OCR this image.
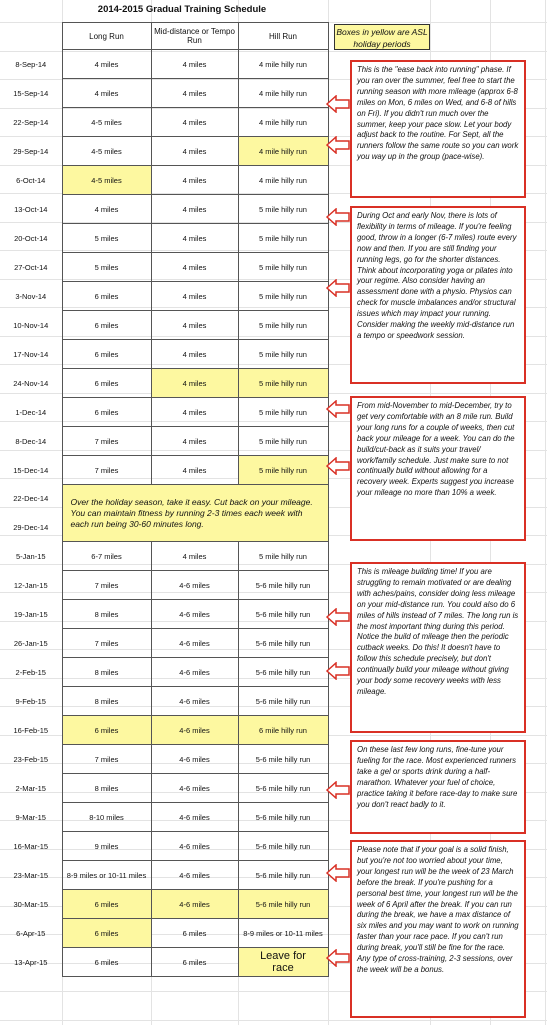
2014-2015 Gradual Training Schedule
Boxes in yellow are ASL holiday periods
	Long Run	Mid-distance or Tempo Run	Hill Run
8-Sep-14	4 miles	4 miles	4 mile hilly run
15-Sep-14	4 miles	4 miles	4 mile hilly run
22-Sep-14	4-5 miles	4 miles	4 mile hilly run
29-Sep-14	4-5 miles	4 miles	4 mile hilly run
6-Oct-14	4-5 miles	4 miles	4 mile hilly run
13-Oct-14	4 miles	4 miles	5 mile hilly run
20-Oct-14	5 miles	4 miles	5 mile hilly run
27-Oct-14	5 miles	4 miles	5 mile hilly run
3-Nov-14	6 miles	4 miles	5 mile hilly run
10-Nov-14	6 miles	4 miles	5 mile hilly run
17-Nov-14	6 miles	4 miles	5 mile hilly run
24-Nov-14	6 miles	4 miles	5 mile hilly run
1-Dec-14	6 miles	4 miles	5 mile hilly run
8-Dec-14	7 miles	4 miles	5 mile hilly run
15-Dec-14	7 miles	4 miles	5 mile hilly run
22-Dec-14	Over the holiday season, take it easy. Cut back on your mileage. You can maintain fitness by running 2-3 times each week with each run being 30-60 minutes long.		
29-Dec-14			
5-Jan-15	6-7 miles	4 miles	5 mile hilly run
12-Jan-15	7 miles	4-6 miles	5-6 mile hilly run
19-Jan-15	8 miles	4-6 miles	5-6 mile hilly run
26-Jan-15	7 miles	4-6 miles	5-6 mile hilly run
2-Feb-15	8 miles	4-6 miles	5-6 mile hilly run
9-Feb-15	8 miles	4-6 miles	5-6 mile hilly run
16-Feb-15	6 miles	4-6 miles	6 mile hilly run
23-Feb-15	7 miles	4-6 miles	5-6 mile hilly run
2-Mar-15	8 miles	4-6 miles	5-6 mile hilly run
9-Mar-15	8-10 miles	4-6 miles	5-6 mile hilly run
16-Mar-15	9 miles	4-6 miles	5-6 mile hilly run
23-Mar-15	8-9 miles or 10-11 miles	4-6 miles	5-6 mile hilly run
30-Mar-15	6 miles	4-6 miles	5-6 mile hilly run
6-Apr-15	6 miles	6 miles	8-9 miles or 10-11 miles
13-Apr-15	6 miles	6 miles	Leave for race
This is the "ease back into running" phase. If you ran over the summer, feel free to start the running season with more mileage (approx 6-8 miles on Mon, 6 miles on Wed, and 6-8 of hills on Fri). If you didn't run much over the summer, keep your pace slow. Let your body adjust back to the routine. For Sept, all the runners follow the same route so you can work you way up in the group (pace-wise).
During Oct and early Nov, there is lots of flexibility in terms of mileage. If you're feeling good, throw in a longer (6-7 miles) route every now and then. If you are still finding your running legs, go for the shorter distances. Think about incorporating yoga or pilates into your regime. Also consider having an assessment done with a physio. Physios can check for muscle imbalances and/or structural issues which may impact your running. Consider making the weekly mid-distance run a tempo or speedwork session.
From mid-November to mid-December, try to get very comfortable with an 8 mile run. Build your long runs for a couple of weeks, then cut back your mileage for a week. You can do the build/cut-back as it suits your travel/ work/family schedule. Just make sure to not continually build without allowing for a recovery week. Experts suggest you increase your mileage no more than 10% a week.
This is mileage building time! If you are struggling to remain motivated or are dealing with aches/pains, consider doing less mileage on your mid-distance run. You could also do 6 miles of hills instead of 7 miles. The long run is the most important thing during this period. Notice the build of mileage then the periodic cutback weeks. Do this! It doesn't have to follow this schedule precisely, but don't continually build your mileage without giving your body some recovery weeks with less mileage.
On these last few long runs, fine-tune your fueling for the race. Most experienced runners take a gel or sports drink during a half-marathon. Whatever your fuel of choice, practice taking it before race-day to make sure you don't react badly to it.
Please note that if your goal is a solid finish, but you're not too worried about your time, your longest run will be the week of 23 March before the break. If you're pushing for a personal best time, your longest run will be the week of 6 April after the break. If you can run during the break, we have a max distance of six miles and you may want to work on running faster than your race pace. If you can't run during break, you'll still be fine for the race. Any type of cross-training, 2-3 sessions, over the week will be a bonus.
